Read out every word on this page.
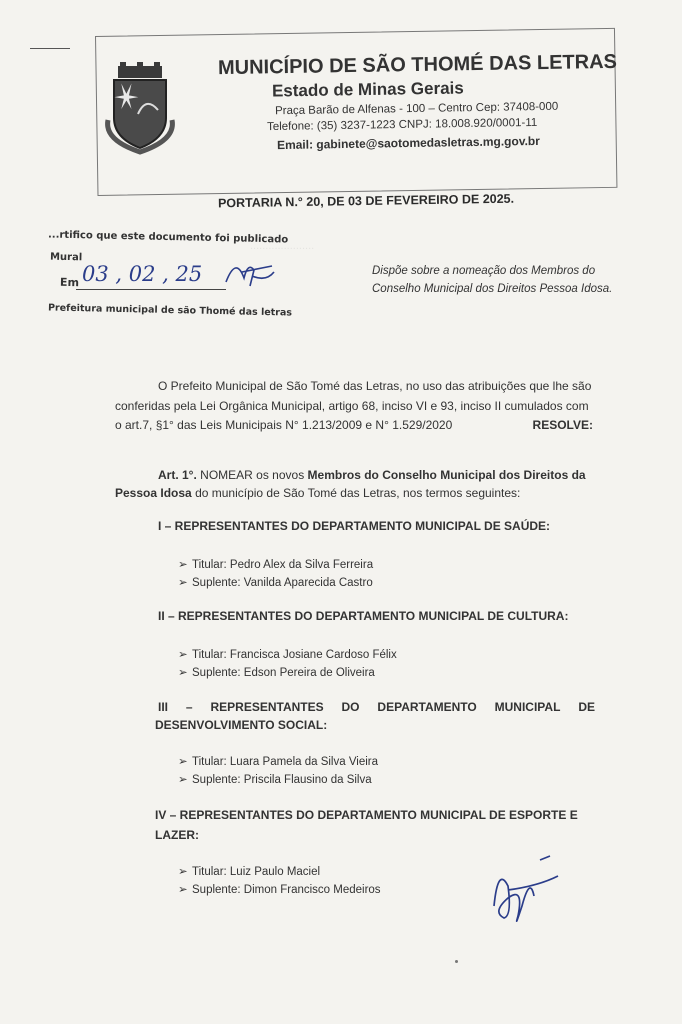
MUNICÍPIO DE SÃO THOMÉ DAS LETRAS
Estado de Minas Gerais
Praça Barão de Alfenas - 100 – Centro Cep: 37408-000
Telefone: (35) 3237-1223 CNPJ: 18.008.920/0001-11
Email: gabinete@saotomedasletras.mg.gov.br
PORTARIA N.° 20, DE 03 DE FEVEREIRO DE 2025.
...rtifico que este documento foi publicado
Mural
Em 03 , 02 , 25
Prefeitura municipal de são Thomé das letras
Dispõe sobre a nomeação dos Membros do Conselho Municipal dos Direitos Pessoa Idosa.
.....................
O Prefeito Municipal de São Tomé das Letras, no uso das atribuições que lhe são
conferidas pela Lei Orgânica Municipal, artigo 68, inciso VI e 93, inciso II cumulados com
o art.7, §1° das Leis Municipais N° 1.213/2009 e N° 1.529/2020	RESOLVE:
Art. 1°. NOMEAR os novos Membros do Conselho Municipal dos Direitos da
Pessoa Idosa do município de São Tomé das Letras, nos termos seguintes:
I – REPRESENTANTES DO DEPARTAMENTO MUNICIPAL DE SAÚDE:
➢ Titular: Pedro Alex da Silva Ferreira
➢ Suplente: Vanilda Aparecida Castro
II – REPRESENTANTES DO DEPARTAMENTO MUNICIPAL DE CULTURA:
➢ Titular: Francisca Josiane Cardoso Félix
➢ Suplente: Edson Pereira de Oliveira
III – REPRESENTANTES DO DEPARTAMENTO MUNICIPAL DE
DESENVOLVIMENTO SOCIAL:
➢ Titular: Luara Pamela da Silva Vieira
➢ Suplente: Priscila Flausino da Silva
IV – REPRESENTANTES DO DEPARTAMENTO MUNICIPAL DE ESPORTE E
LAZER:
➢ Titular: Luiz Paulo Maciel
➢ Suplente: Dimon Francisco Medeiros
